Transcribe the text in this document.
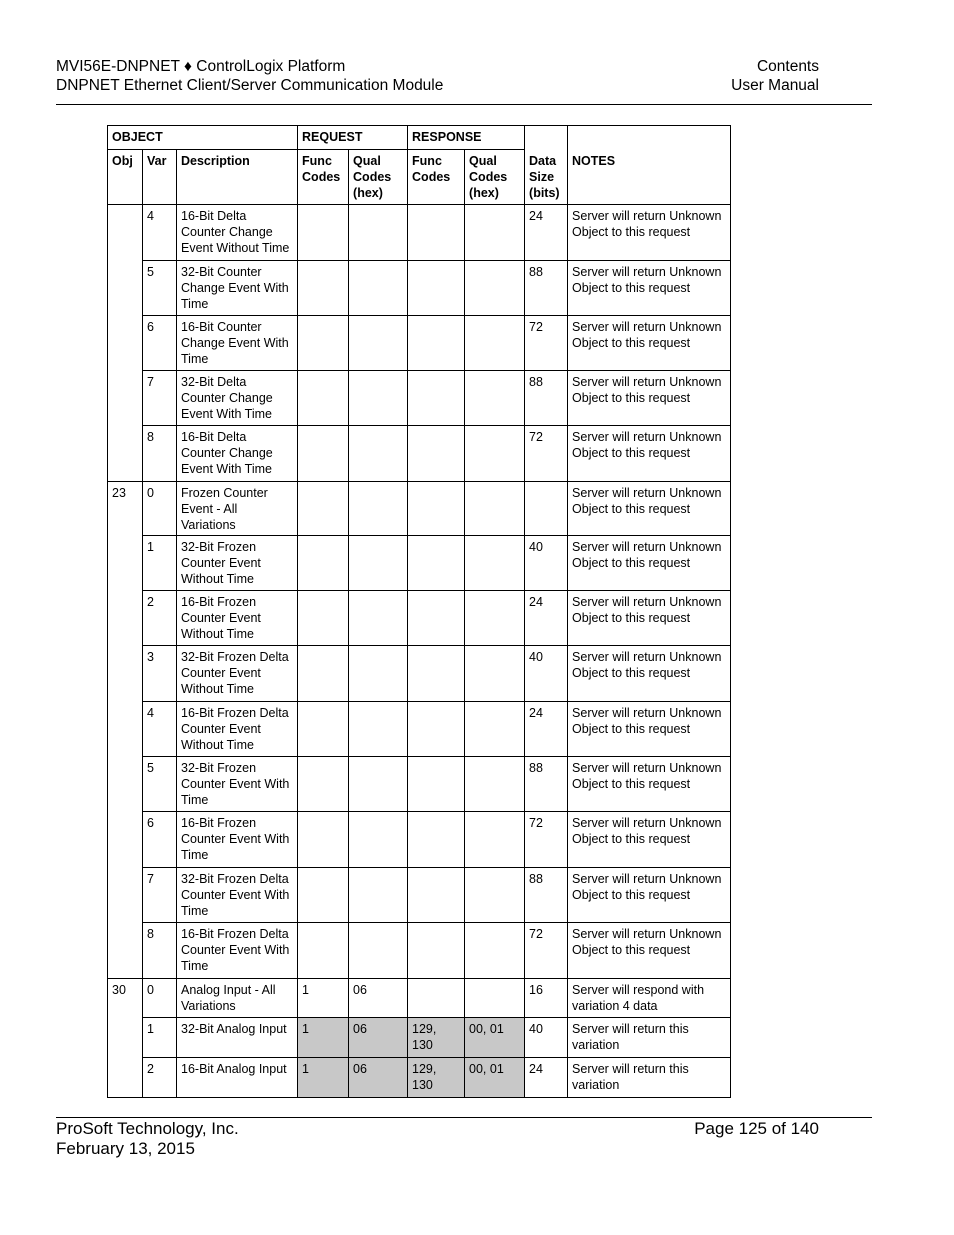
MVI56E-DNPNET ♦ ControlLogix Platform
DNPNET Ethernet Client/Server Communication Module
Contents
User Manual
OBJECT			REQUEST		RESPONSE			
Obj	Var	Description	Func Codes	Qual Codes (hex)	Func Codes	Qual Codes (hex)	Data Size (bits)	NOTES
	4	16-Bit Delta Counter Change Event Without Time					24	Server will return Unknown Object to this request
	5	32-Bit Counter Change Event With Time					88	Server will return Unknown Object to this request
	6	16-Bit Counter Change Event With Time					72	Server will return Unknown Object to this request
	7	32-Bit Delta Counter Change Event With Time					88	Server will return Unknown Object to this request
	8	16-Bit Delta Counter Change Event With Time					72	Server will return Unknown Object to this request
23	0	Frozen Counter Event - All Variations						Server will return Unknown Object to this request
	1	32-Bit Frozen Counter Event Without Time					40	Server will return Unknown Object to this request
	2	16-Bit Frozen Counter Event Without Time					24	Server will return Unknown Object to this request
	3	32-Bit Frozen Delta Counter Event Without Time					40	Server will return Unknown Object to this request
	4	16-Bit Frozen Delta Counter Event Without Time					24	Server will return Unknown Object to this request
	5	32-Bit Frozen Counter Event With Time					88	Server will return Unknown Object to this request
	6	16-Bit Frozen Counter Event With Time					72	Server will return Unknown Object to this request
	7	32-Bit Frozen Delta Counter Event With Time					88	Server will return Unknown Object to this request
	8	16-Bit Frozen Delta Counter Event With Time					72	Server will return Unknown Object to this request
30	0	Analog Input - All Variations	1	06			16	Server will respond with variation 4 data
	1	32-Bit Analog Input	1	06	129, 130	00, 01	40	Server will return this variation
	2	16-Bit Analog Input	1	06	129, 130	00, 01	24	Server will return this variation
ProSoft Technology, Inc.
February 13, 2015
Page 125 of 140
